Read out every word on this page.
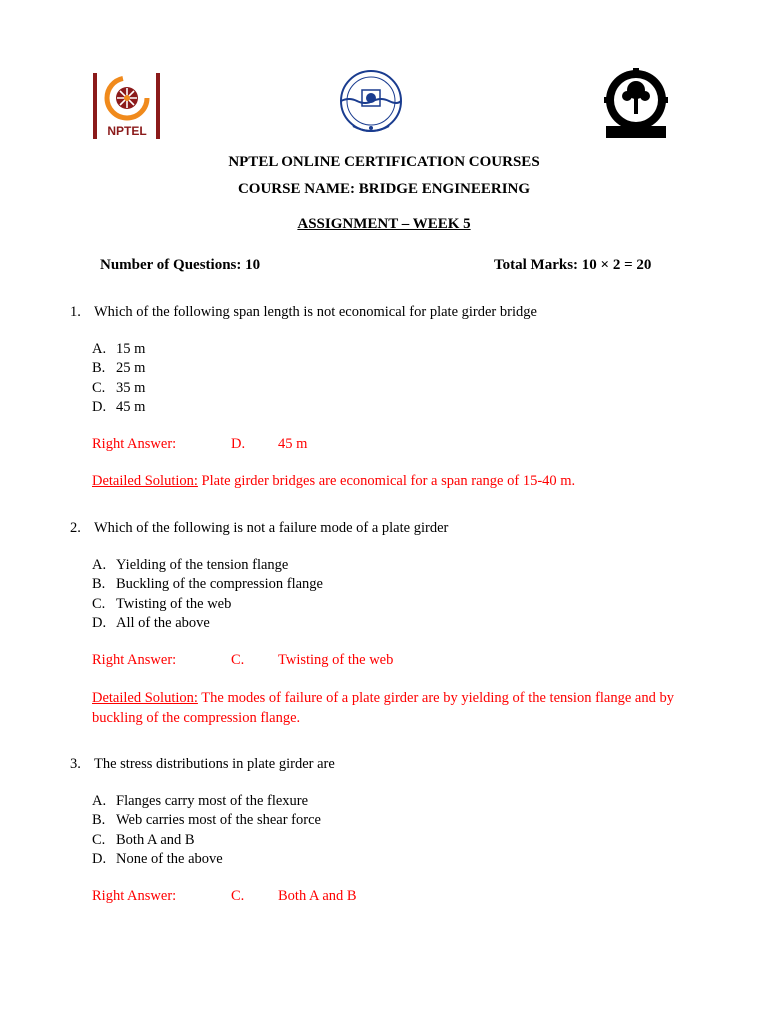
NPTEL
NPTEL ONLINE CERTIFICATION COURSES
COURSE NAME: BRIDGE ENGINEERING
ASSIGNMENT – WEEK 5
Number of Questions: 10	Total Marks: 10 × 2 = 20
1. Which of the following span length is not economical for plate girder bridge
A. 15 m
B. 25 m
C. 35 m
D. 45 m
Right Answer:	D. 45 m
Detailed Solution: Plate girder bridges are economical for a span range of 15-40 m.
2. Which of the following is not a failure mode of a plate girder
A. Yielding of the tension flange
B. Buckling of the compression flange
C. Twisting of the web
D. All of the above
Right Answer:	C. Twisting of the web
Detailed Solution: The modes of failure of a plate girder are by yielding of the tension flange and by buckling of the compression flange.
3. The stress distributions in plate girder are
A. Flanges carry most of the flexure
B. Web carries most of the shear force
C. Both A and B
D. None of the above
Right Answer:	C. Both A and B
